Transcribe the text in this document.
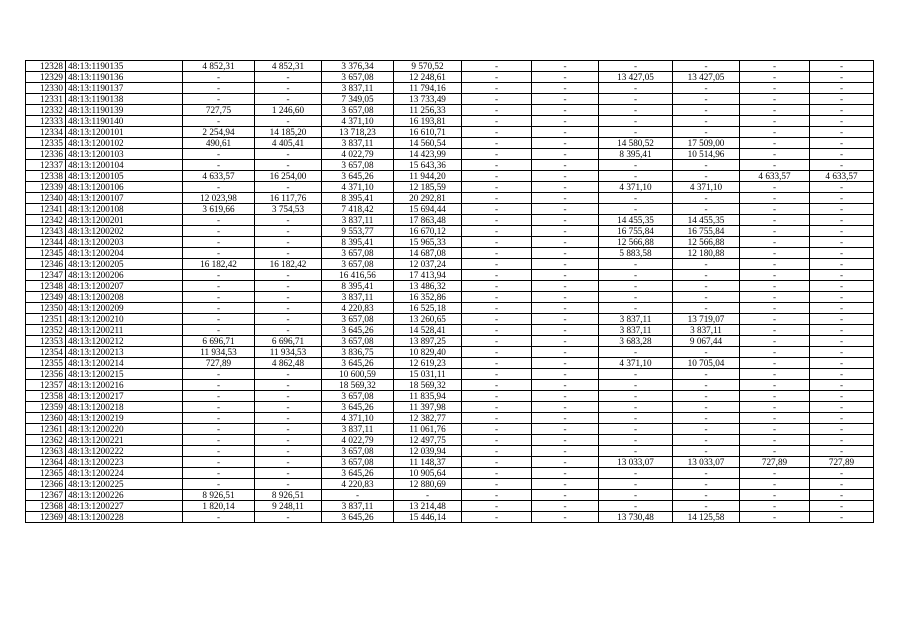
12328	48:13:1190135	4 852,31	4 852,31	3 376,34	9 570,52	-	-	-	-	-	-
12329	48:13:1190136	-	-	3 657,08	12 248,61	-	-	13 427,05	13 427,05	-	-
12330	48:13:1190137	-	-	3 837,11	11 794,16	-	-	-	-	-	-
12331	48:13:1190138	-	-	7 349,05	13 733,49	-	-	-	-	-	-
12332	48:13:1190139	727,75	1 246,60	3 657,08	11 256,33	-	-	-	-	-	-
12333	48:13:1190140	-	-	4 371,10	16 193,81	-	-	-	-	-	-
12334	48:13:1200101	2 254,94	14 185,20	13 718,23	16 610,71	-	-	-	-	-	-
12335	48:13:1200102	490,61	4 405,41	3 837,11	14 560,54	-	-	14 580,52	17 509,00	-	-
12336	48:13:1200103	-	-	4 022,79	14 423,99	-	-	8 395,41	10 514,96	-	-
12337	48:13:1200104	-	-	3 657,08	15 643,36	-	-	-	-	-	-
12338	48:13:1200105	4 633,57	16 254,00	3 645,26	11 944,20	-	-	-	-	4 633,57	4 633,57
12339	48:13:1200106	-	-	4 371,10	12 185,59	-	-	4 371,10	4 371,10	-	-
12340	48:13:1200107	12 023,98	16 117,76	8 395,41	20 292,81	-	-	-	-	-	-
12341	48:13:1200108	3 619,66	3 754,53	7 418,42	15 694,44	-	-	-	-	-	-
12342	48:13:1200201	-	-	3 837,11	17 863,48	-	-	14 455,35	14 455,35	-	-
12343	48:13:1200202	-	-	9 553,77	16 670,12	-	-	16 755,84	16 755,84	-	-
12344	48:13:1200203	-	-	8 395,41	15 965,33	-	-	12 566,88	12 566,88	-	-
12345	48:13:1200204	-	-	3 657,08	14 687,08	-	-	5 883,58	12 180,88	-	-
12346	48:13:1200205	16 182,42	16 182,42	3 657,08	12 037,24	-	-	-	-	-	-
12347	48:13:1200206	-	-	16 416,56	17 413,94	-	-	-	-	-	-
12348	48:13:1200207	-	-	8 395,41	13 486,32	-	-	-	-	-	-
12349	48:13:1200208	-	-	3 837,11	16 352,86	-	-	-	-	-	-
12350	48:13:1200209	-	-	4 220,83	16 525,18	-	-	-	-	-	-
12351	48:13:1200210	-	-	3 657,08	13 260,65	-	-	3 837,11	13 719,07	-	-
12352	48:13:1200211	-	-	3 645,26	14 528,41	-	-	3 837,11	3 837,11	-	-
12353	48:13:1200212	6 696,71	6 696,71	3 657,08	13 897,25	-	-	3 683,28	9 067,44	-	-
12354	48:13:1200213	11 934,53	11 934,53	3 836,75	10 829,40	-	-	-	-	-	-
12355	48:13:1200214	727,89	4 862,48	3 645,26	12 619,23	-	-	4 371,10	10 705,04	-	-
12356	48:13:1200215	-	-	10 600,59	15 031,11	-	-	-	-	-	-
12357	48:13:1200216	-	-	18 569,32	18 569,32	-	-	-	-	-	-
12358	48:13:1200217	-	-	3 657,08	11 835,94	-	-	-	-	-	-
12359	48:13:1200218	-	-	3 645,26	11 397,98	-	-	-	-	-	-
12360	48:13:1200219	-	-	4 371,10	12 382,77	-	-	-	-	-	-
12361	48:13:1200220	-	-	3 837,11	11 061,76	-	-	-	-	-	-
12362	48:13:1200221	-	-	4 022,79	12 497,75	-	-	-	-	-	-
12363	48:13:1200222	-	-	3 657,08	12 039,94	-	-	-	-	-	-
12364	48:13:1200223	-	-	3 657,08	11 148,37	-	-	13 033,07	13 033,07	727,89	727,89
12365	48:13:1200224	-	-	3 645,26	10 905,64	-	-	-	-	-	-
12366	48:13:1200225	-	-	4 220,83	12 880,69	-	-	-	-	-	-
12367	48:13:1200226	8 926,51	8 926,51	-	-	-	-	-	-	-	-
12368	48:13:1200227	1 820,14	9 248,11	3 837,11	13 214,48	-	-	-	-	-	-
12369	48:13:1200228	-	-	3 645,26	15 446,14	-	-	13 730,48	14 125,58	-	-
